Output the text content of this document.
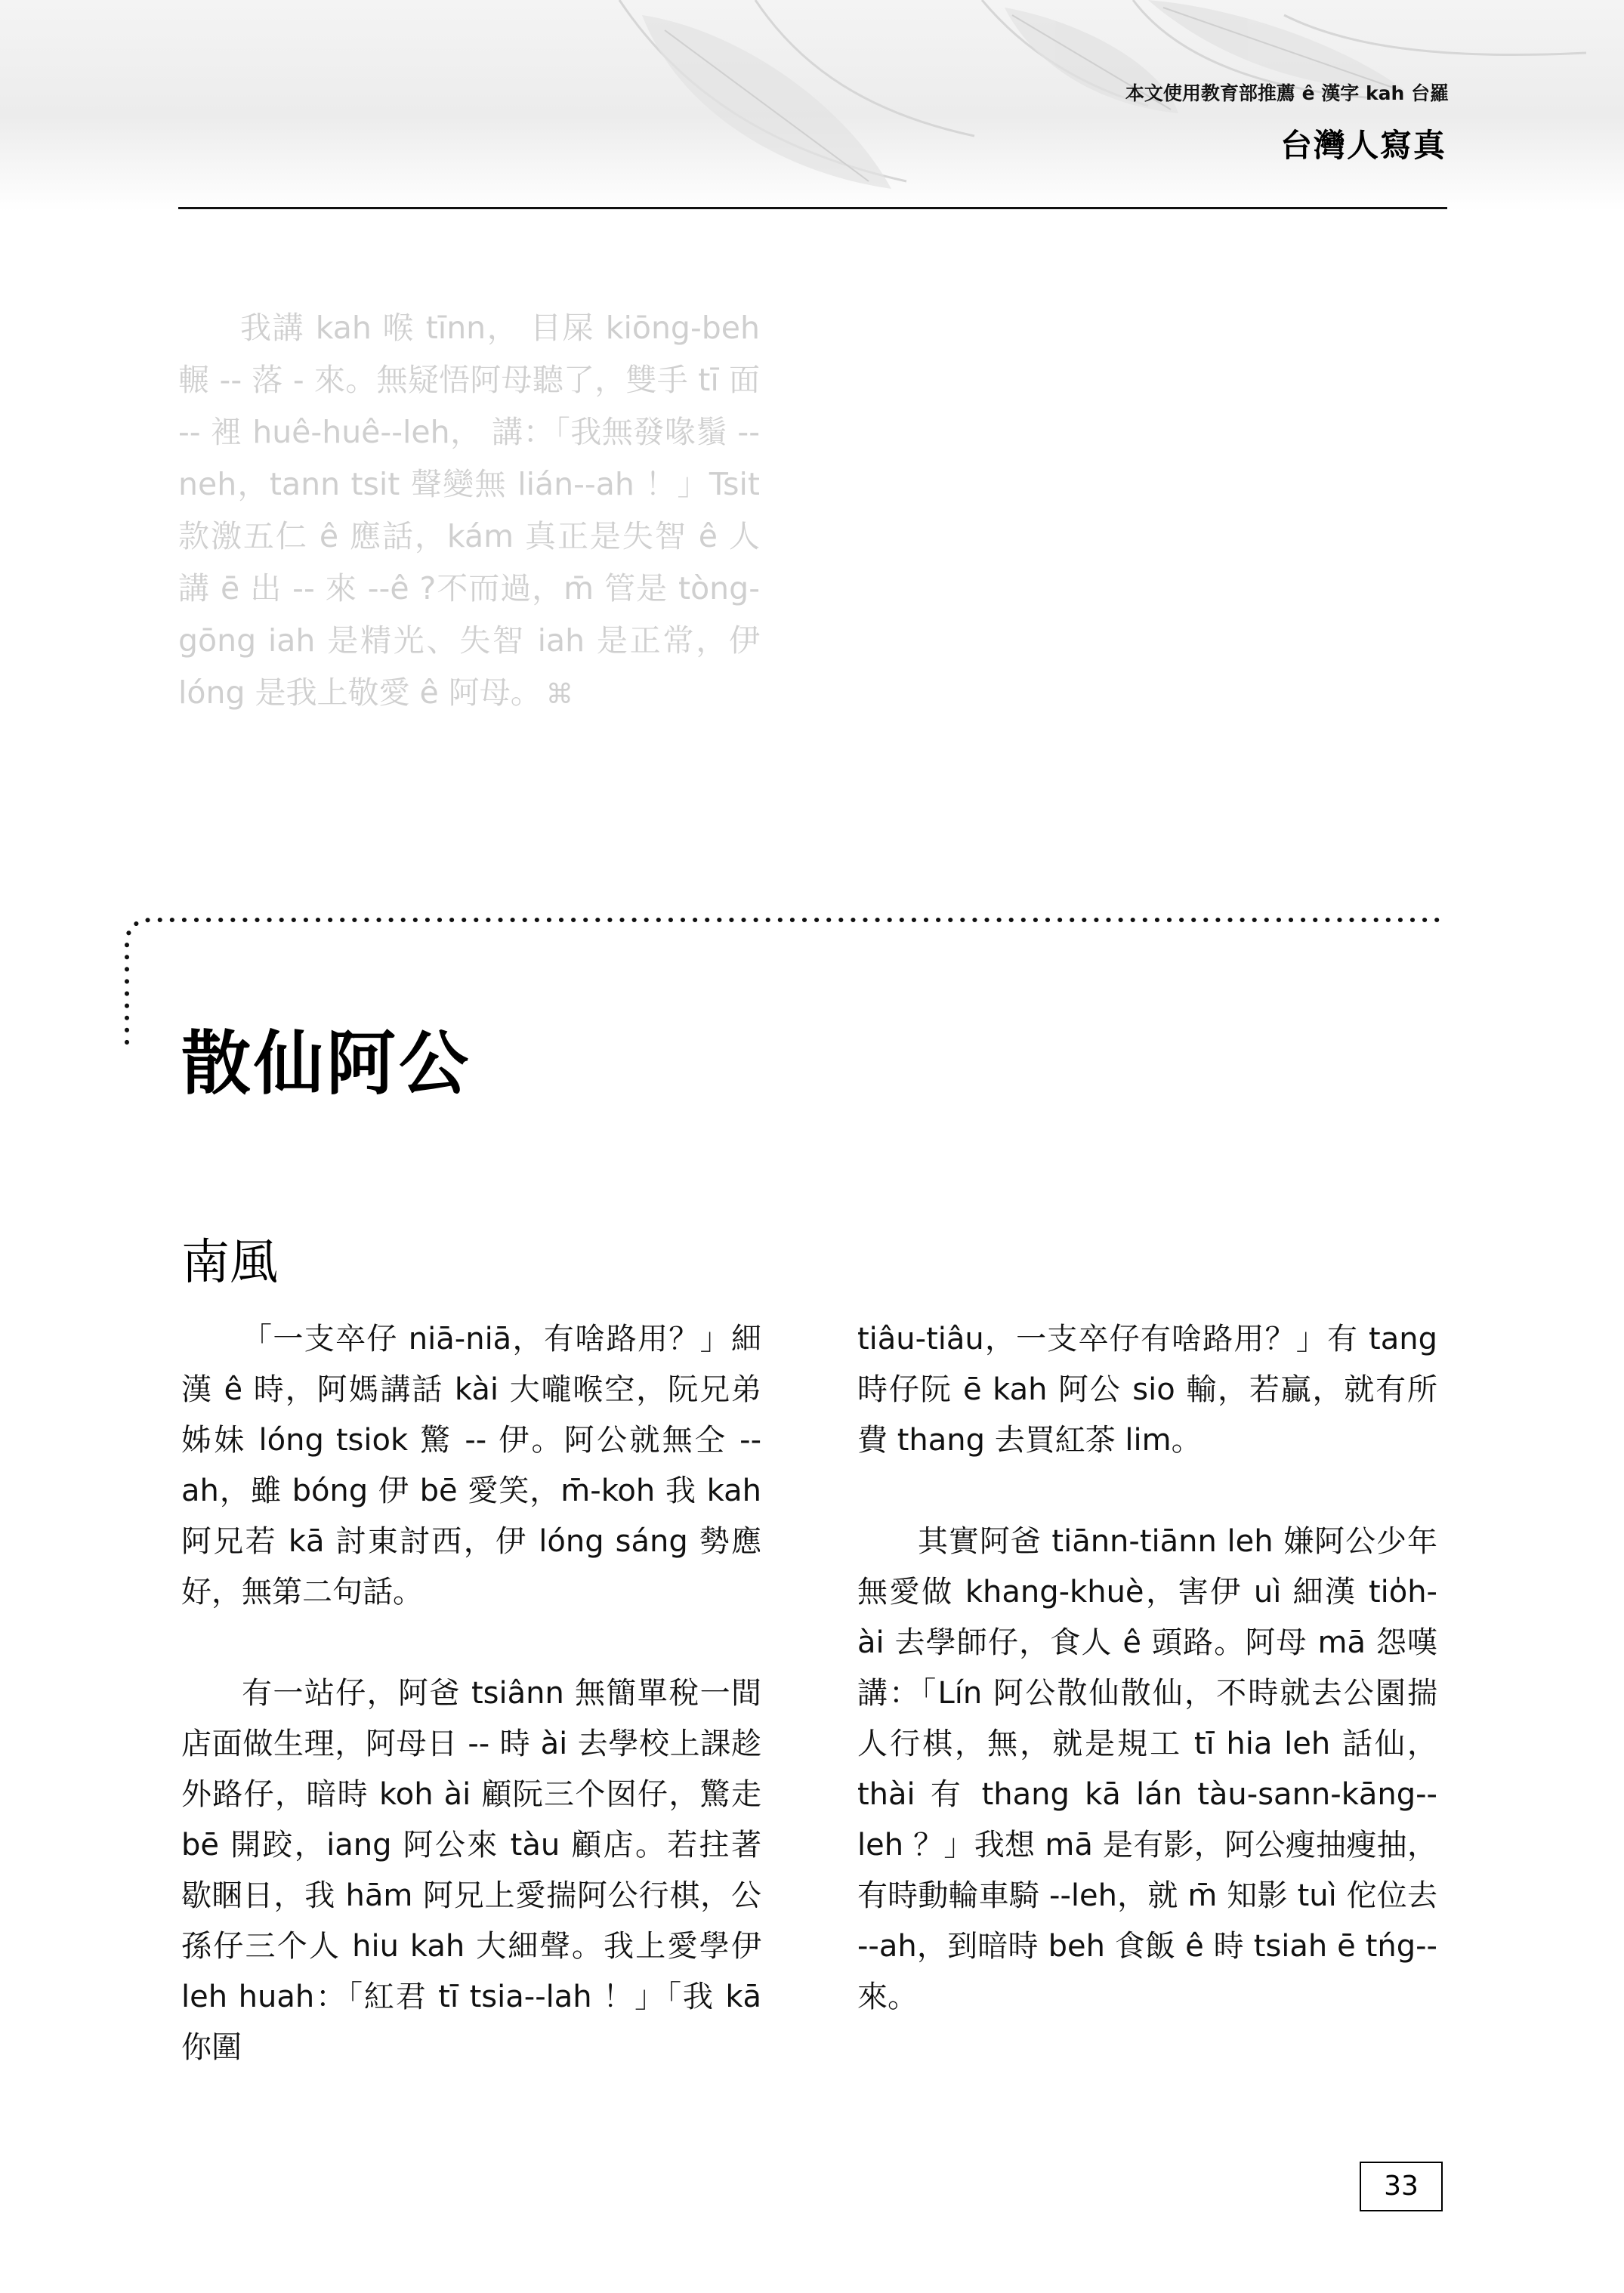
本文使用教育部推薦 ê 漢字 kah 台羅
台灣人寫真
我講 kah 喉 tīnn， 目屎 kiōng-beh 輾 -- 落 - 來。無疑悟阿母聽了，雙手 tī 面 -- 裡 huê-huê--leh， 講：「我無發喙鬚 --neh，tann tsit 聲變無 lián--ah ！」Tsit 款激五仁 ê 應話，kám 真正是失智 ê 人講 ē 出 -- 來 --ê ?不而過，m̄ 管是 tòng-gōng iah 是精光、失智 iah 是正常，伊 lóng 是我上敬愛 ê 阿母。 ⌘
散仙阿公
南風

「一支卒仔 niā-niā，有啥路用？」細漢 ê 時，阿媽講話 kài 大嚨喉空，阮兄弟姊妹 lóng tsiok 驚 -- 伊。阿公就無仝 --ah，雖 bóng 伊 bē 愛笑，m̄-koh 我 kah 阿兄若 kā 討東討西，伊 lóng sáng 勢應好，無第二句話。

有一站仔，阿爸 tsiânn 無簡單稅一間店面做生理，阿母日 -- 時 ài 去學校上課趁外路仔，暗時 koh ài 顧阮三个囡仔，驚走 bē 開跤，iang 阿公來 tàu 顧店。若拄著歇睏日，我 hām 阿兄上愛揣阿公行棋，公孫仔三个人 hiu kah 大細聲。我上愛學伊 leh huah：「紅君 tī tsia--lah ！」「我 kā 你圍

tiâu-tiâu，一支卒仔有啥路用？」有 tang 時仔阮 ē kah 阿公 sio 輸，若贏，就有所費 thang 去買紅茶 lim。

其實阿爸 tiānn-tiānn leh 嫌阿公少年無愛做 khang-khuè，害伊 uì 細漢 tio̍h-ài 去學師仔，食人 ê 頭路。阿母 mā 怨嘆講：「Lín 阿公散仙散仙，不時就去公園揣人行棋，無，就是規工 tī hia leh 話仙，thài 有 thang kā lán tàu-sann-kāng--leh ？」我想 mā 是有影，阿公瘦抽瘦抽，有時動輪車騎 --leh，就 m̄ 知影 tuì 佗位去 --ah，到暗時 beh 食飯 ê 時 tsiah ē tńg-- 來。

33
